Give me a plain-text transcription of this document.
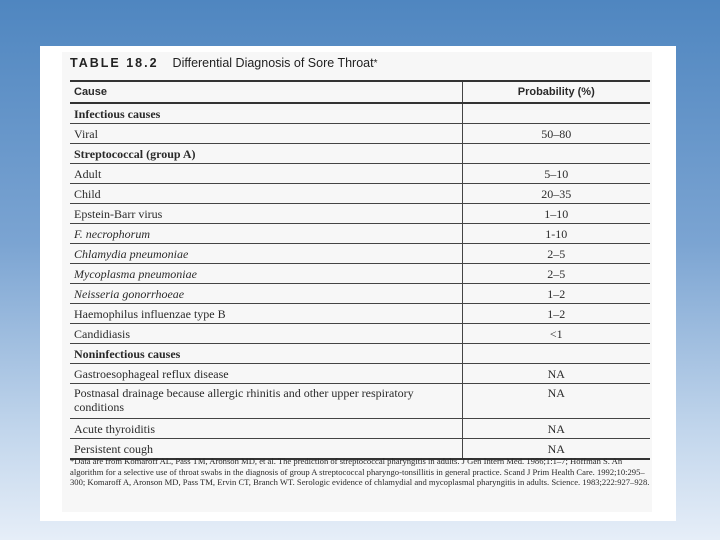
TABLE 18.2 Differential Diagnosis of Sore Throat *
Cause	Probability (%)
Infectious causes	
Viral	50–80
Streptococcal (group A)	
Adult	5–10
Child	20–35
Epstein-Barr virus	1–10
F. necrophorum	1-10
Chlamydia pneumoniae	2–5
Mycoplasma pneumoniae	2–5
Neisseria gonorrhoeae	1–2
Haemophilus influenzae type B	1–2
Candidiasis	<1
Noninfectious causes	
Gastroesophageal reflux disease	NA
Postnasal drainage because allergic rhinitis and other upper respiratory conditions	NA
Acute thyroiditis	NA
Persistent cough	NA
*Data are from Komaroff AL, Pass TM, Aronson MD, et al. The prediction of streptococcal pharyngitis in adults. J Gen Intern Med. 1986;1:1–7; Hoffman S. An algorithm for a selective use of throat swabs in the diagnosis of group A streptococcal pharyngo-tonsillitis in general practice. Scand J Prim Health Care. 1992;10:295–300; Komaroff A, Aronson MD, Pass TM, Ervin CT, Branch WT. Serologic evidence of chlamydial and mycoplasmal pharyngitis in adults. Science. 1983;222:927–928.
